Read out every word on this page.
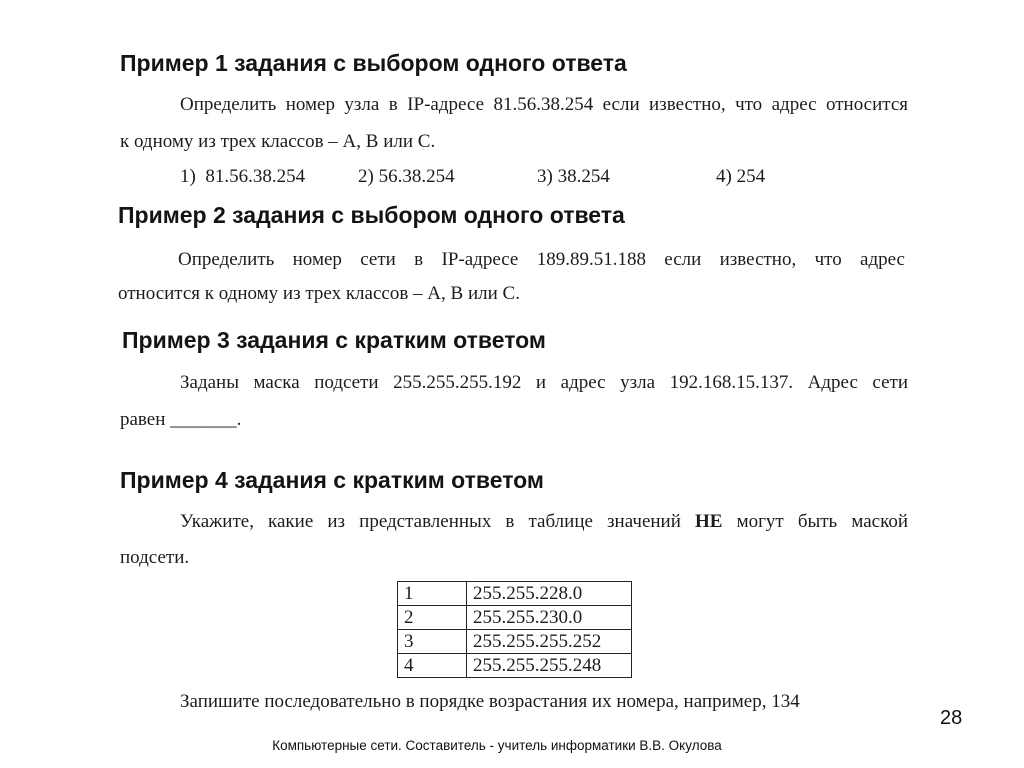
Пример 1 задания с выбором одного ответа
Определить номер узла в IP-адресе 81.56.38.254 если известно, что адрес относится
к одному из трех классов – A, B или C.
1)  81.56.38.254	2) 56.38.254	3) 38.254	4) 254
Пример 2 задания с выбором одного ответа
Определить номер сети в IP-адресе 189.89.51.188 если известно, что адрес
относится к одному из трех классов – A, B или C.
Пример 3 задания с кратким ответом
Заданы маска подсети 255.255.255.192 и адрес узла 192.168.15.137. Адрес сети
равен _______.
Пример 4 задания с кратким ответом
Укажите, какие из представленных в таблице значений НЕ могут быть маской
подсети.
1	255.255.228.0
2	255.255.230.0
3	255.255.255.252
4	255.255.255.248
Запишите последовательно в порядке возрастания их номера, например, 134
28
Компьютерные сети. Составитель - учитель информатики В.В. Окулова
